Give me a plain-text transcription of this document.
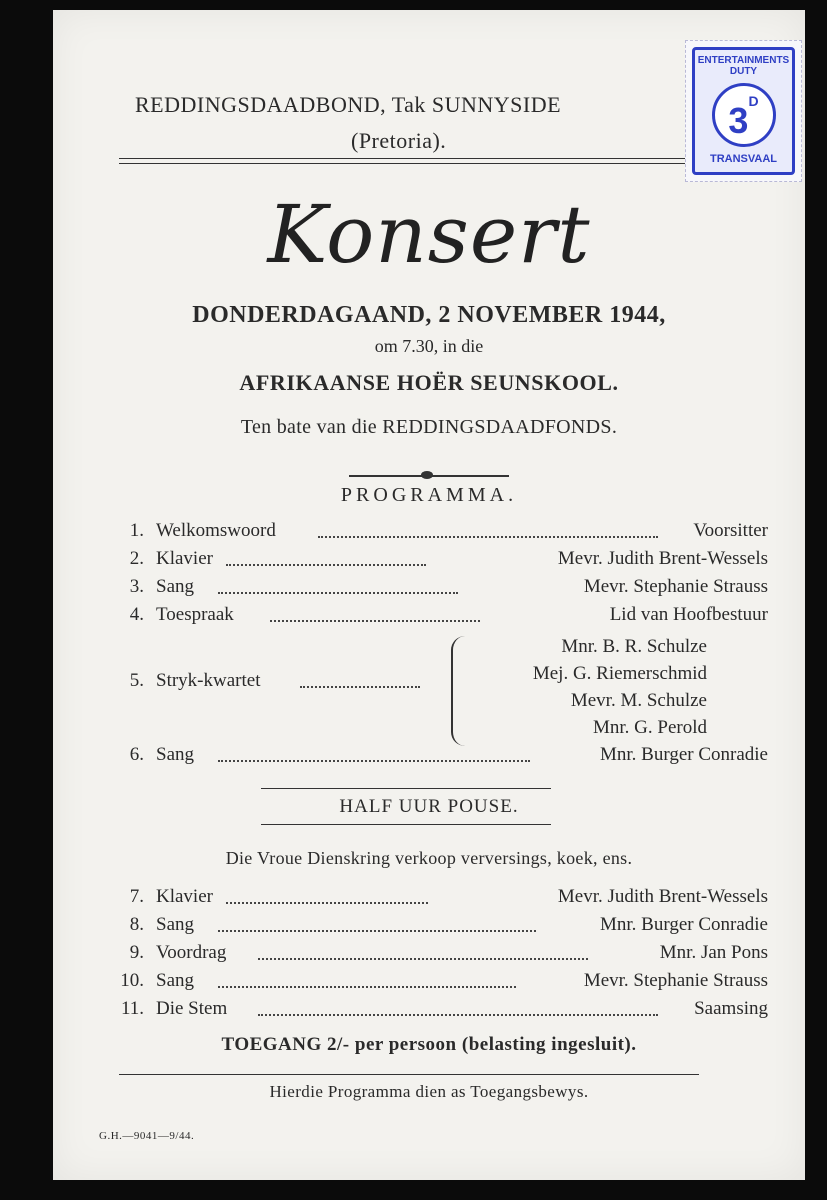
ENTERTAINMENTS DUTY
$3^D$
TRANSVAAL
REDDINGSDAADBOND, Tak SUNNYSIDE
(Pretoria).
Konsert
DONDERDAGAAND, 2 NOVEMBER 1944,
om 7.30, in die
AFRIKAANSE HOËR SEUNSKOOL.
Ten bate van die REDDINGSDAADFONDS.
PROGRAMMA.
1. Welkomswoord	Voorsitter
2. Klavier	Mevr. Judith Brent-Wessels
3. Sang	Mevr. Stephanie Strauss
4. Toespraak	Lid van Hoofbestuur
5. Stryk-kwartet
Mnr. B. R. Schulze
Mej. G. Riemerschmid
Mevr. M. Schulze
Mnr. G. Perold
6. Sang	Mnr. Burger Conradie
HALF UUR POUSE.
Die Vroue Dienskring verkoop verversings, koek, ens.
7. Klavier	Mevr. Judith Brent-Wessels
8. Sang	Mnr. Burger Conradie
9. Voordrag	Mnr. Jan Pons
10. Sang	Mevr. Stephanie Strauss
11. Die Stem	Saamsing
TOEGANG 2/- per persoon (belasting ingesluit).
Hierdie Programma dien as Toegangsbewys.
G.H.—9041—9/44.
